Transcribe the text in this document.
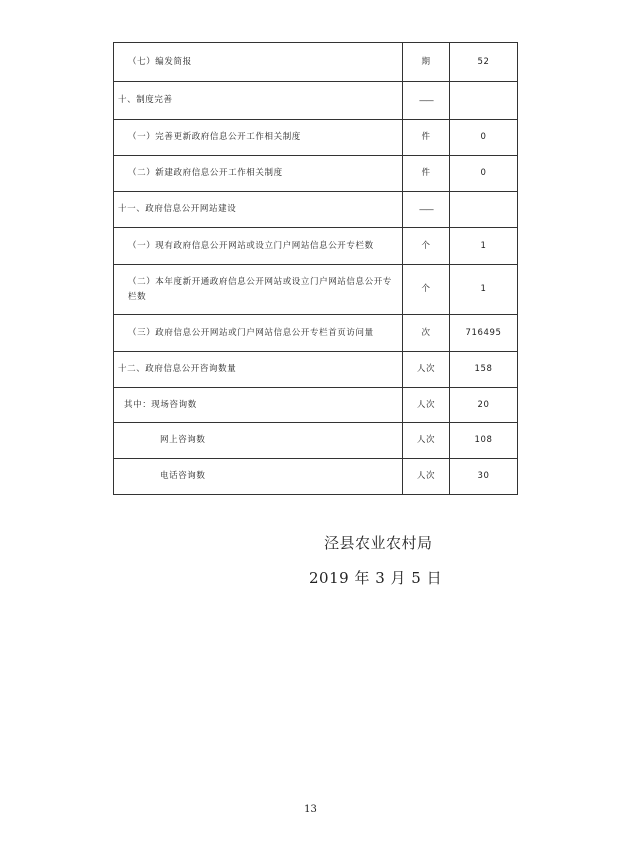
（七）编发简报	期	52
十、制度完善	——	
（一）完善更新政府信息公开工作相关制度	件	0
（二）新建政府信息公开工作相关制度	件	0
十一、政府信息公开网站建设	——	
（一）现有政府信息公开网站或设立门户网站信息公开专栏数	个	1
（二）本年度新开通政府信息公开网站或设立门户网站信息公开专栏数	个	1
（三）政府信息公开网站或门户网站信息公开专栏首页访问量	次	716495
十二、政府信息公开咨询数量	人次	158
其中：现场咨询数	人次	20
网上咨询数	人次	108
电话咨询数	人次	30
泾县农业农村局
2019 年 3 月 5 日
13
